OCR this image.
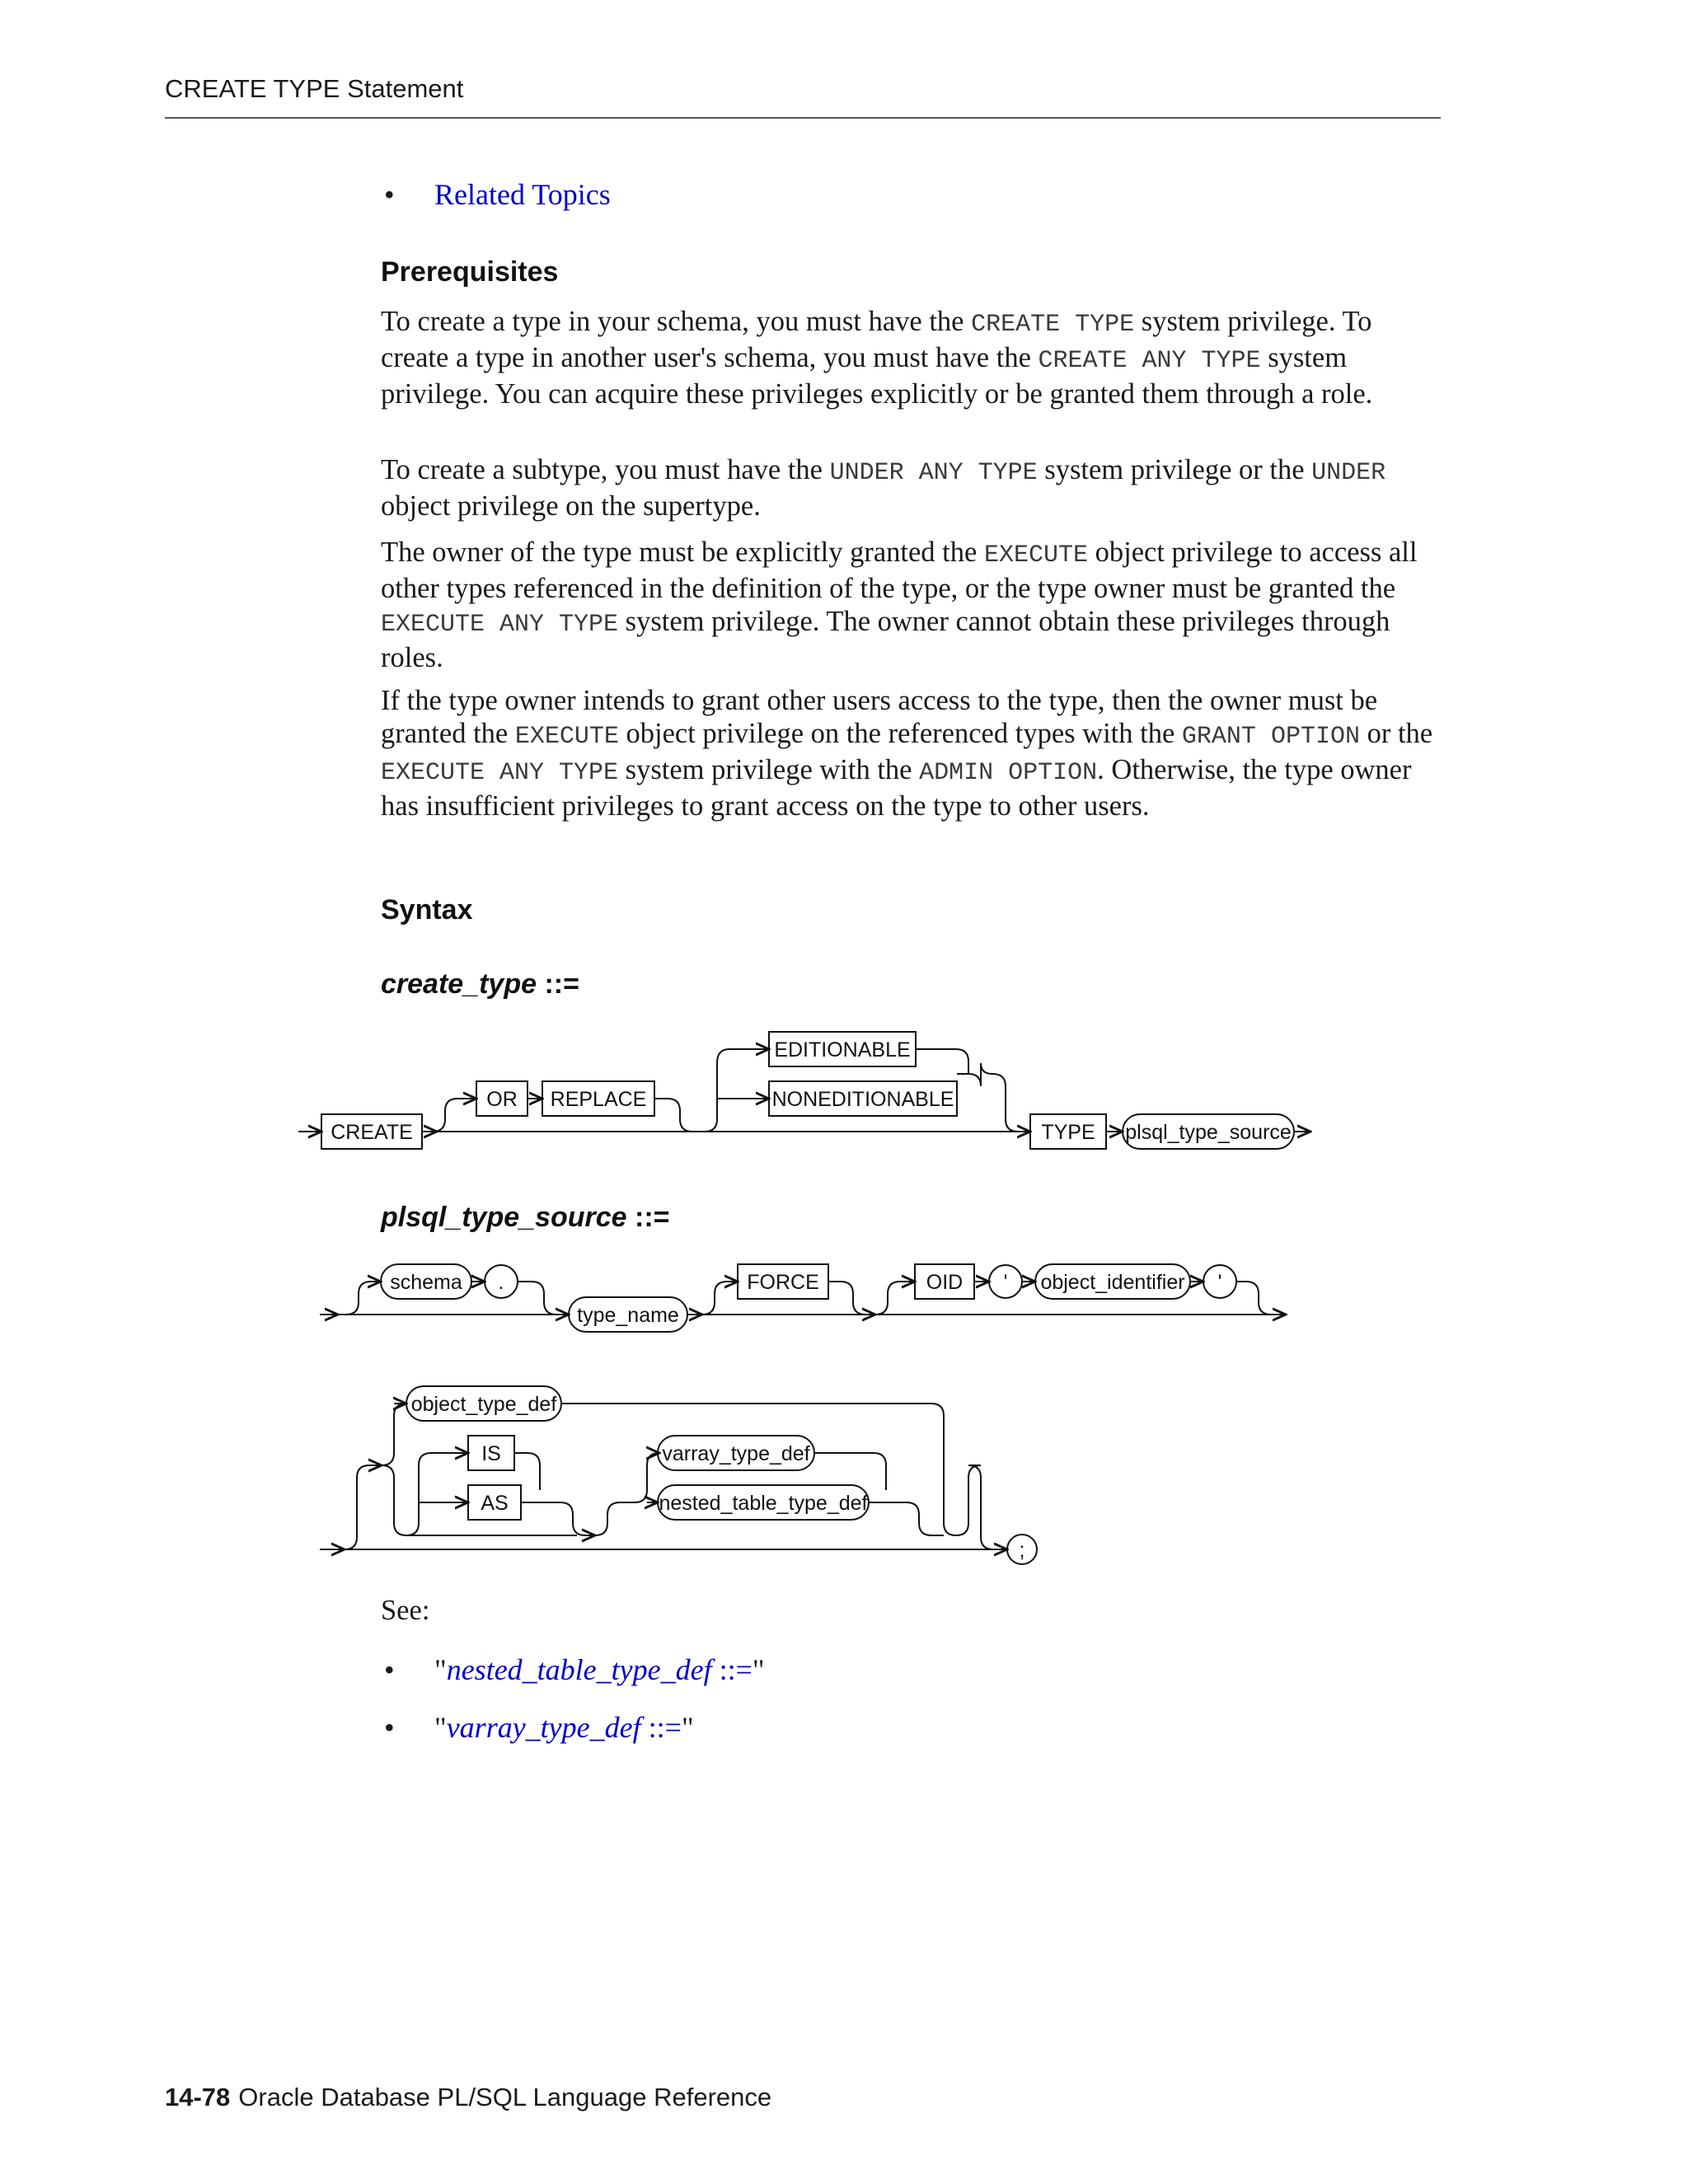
CREATE TYPE Statement
• Related Topics
Prerequisites

To create a type in your schema, you must have the CREATE TYPE system privilege. To create a type in another user's schema, you must have the CREATE ANY TYPE system privilege. You can acquire these privileges explicitly or be granted them through a role.

To create a subtype, you must have the UNDER ANY TYPE system privilege or the UNDER object privilege on the supertype.

The owner of the type must be explicitly granted the EXECUTE object privilege to access all other types referenced in the definition of the type, or the type owner must be granted the EXECUTE ANY TYPE system privilege. The owner cannot obtain these privileges through roles.

If the type owner intends to grant other users access to the type, then the owner must be granted the EXECUTE object privilege on the referenced types with the GRANT OPTION or the EXECUTE ANY TYPE system privilege with the ADMIN OPTION. Otherwise, the type owner has insufficient privileges to grant access on the type to other users.

Syntax
create_type ::=
plsql_type_source ::=
See:
• "nested_table_type_def ::="
• "varray_type_def ::="
CREATE
OR REPLACE
EDITIONABLE
NONEDITIONABLE
TYPE plsql_type_source
schema .
type_name
FORCE	OID ' object_identifier '
object_type_def
IS
AS
varray_type_def
nested_table_type_def
;
14-78 Oracle Database PL/SQL Language Reference
